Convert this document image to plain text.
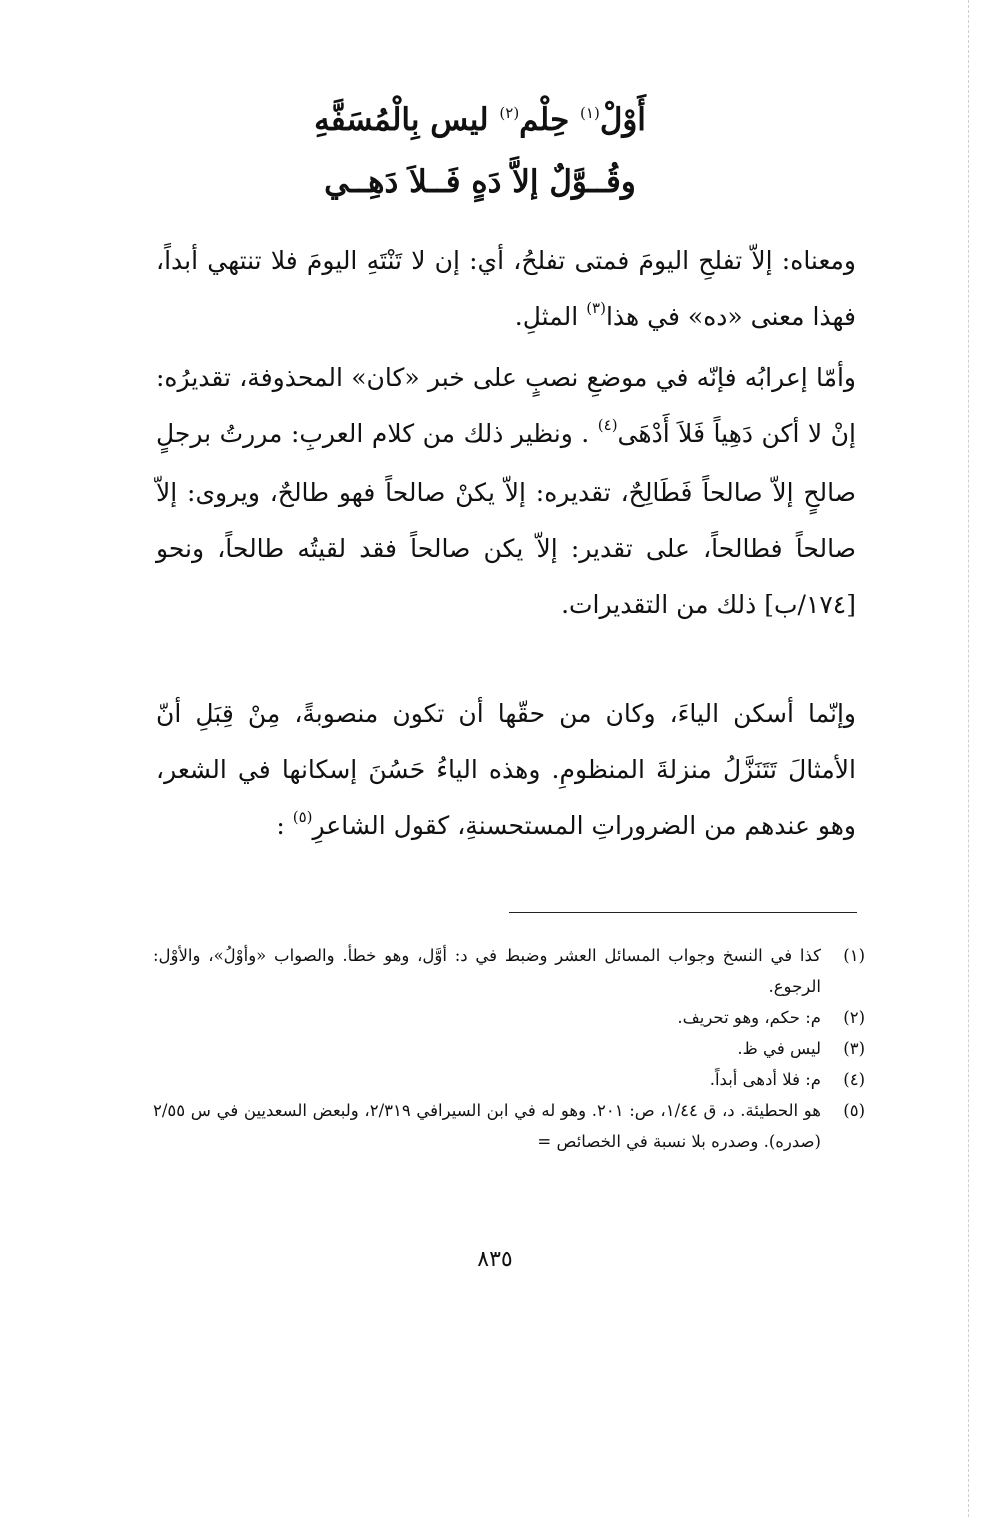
أَوْلْ$^{(١)}$ حِلْم$^{(٢)}$ ليس بِالْمُسَفَّهِ
وقُــوَّلٌ إلاَّ دَهٍ فَــلاَ دَهِــي
ومعناه: إلاّ تفلحِ اليومَ فمتى تفلحُ، أي: إن لا تَنْتَهِ اليومَ فلا تنتهي أبداً، فهذا معنى «ده» في هذا$^{(٣)}$ المثلِ.
وأمّا إعرابُه فإنّه في موضعِ نصبٍ على خبر «كان» المحذوفة، تقديرُه: إنْ لا أكن دَهِياً فَلاَ أَدْهَى$^{(٤)}$ . ونظير ذلك من كلام العربِ: مررتُ برجلٍ صالحٍ إلاّ صالحاً فَطَالِحٌ، تقديره: إلاّ يكنْ صالحاً فهو طالحٌ، ويروى: إلاّ صالحاً فطالحاً، على تقدير: إلاّ يكن صالحاً فقد لقيتُه طالحاً، ونحو [١٧٤/ب] ذلك من التقديرات.
وإنّما أسكن الياءَ، وكان من حقّها أن تكون منصوبةً، مِنْ قِبَلِ أنّ الأمثالَ تَتَنَزَّلُ منزلةَ المنظومِ. وهذه الياءُ حَسُنَ إسكانها في الشعر، وهو عندهم من الضروراتِ المستحسنةِ، كقول الشاعرِ$^{(٥)}$ :
(١)
كذا في النسخ وجواب المسائل العشر وضبط في د: أوَّل، وهو خطأ. والصواب «وأوْلُ»، والأوْل: الرجوع.
(٢)
م: حكم، وهو تحريف.
(٣)
ليس في ظ.
(٤)
م: فلا أدهى أبداً.
(٥)
هو الحطيئة. د، ق ١/٤٤، ص: ٢٠١. وهو له في ابن السيرافي ٢/٣١٩، ولبعض السعديين في س ٢/٥٥ (صدره). وصدره بلا نسبة في الخصائص =
٨٣٥
